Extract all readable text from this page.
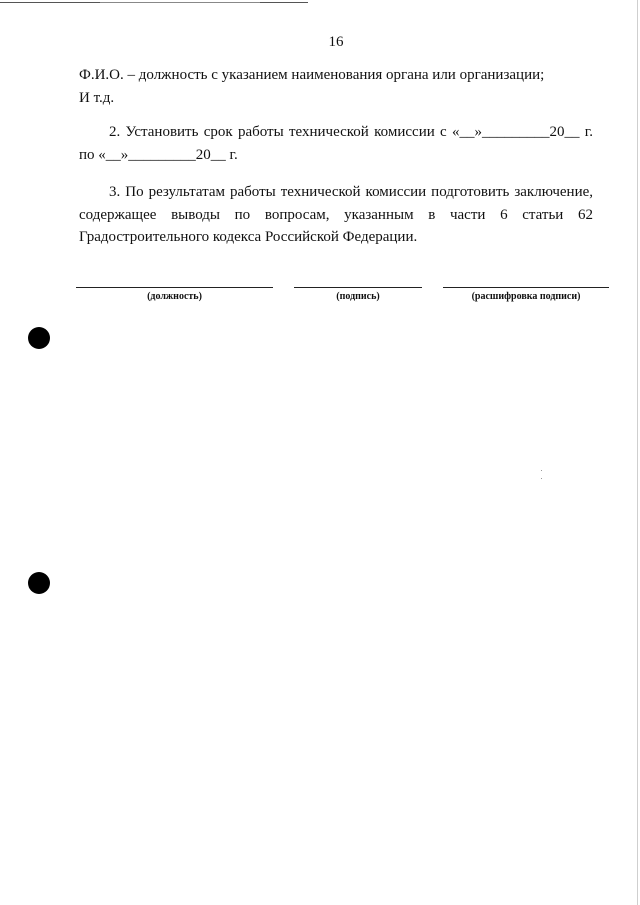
16
Ф.И.О. – должность с указанием наименования органа или организации;
И т.д.
2. Установить срок работы технической комиссии с «__»_________20__ г.
по «__»_________20__ г.
3. По результатам работы технической комиссии подготовить заключение,
содержащее выводы по вопросам, указанным в части 6 статьи 62
Градостроительного кодекса Российской Федерации.
(должность)	(подпись)	(расшифровка подписи)
